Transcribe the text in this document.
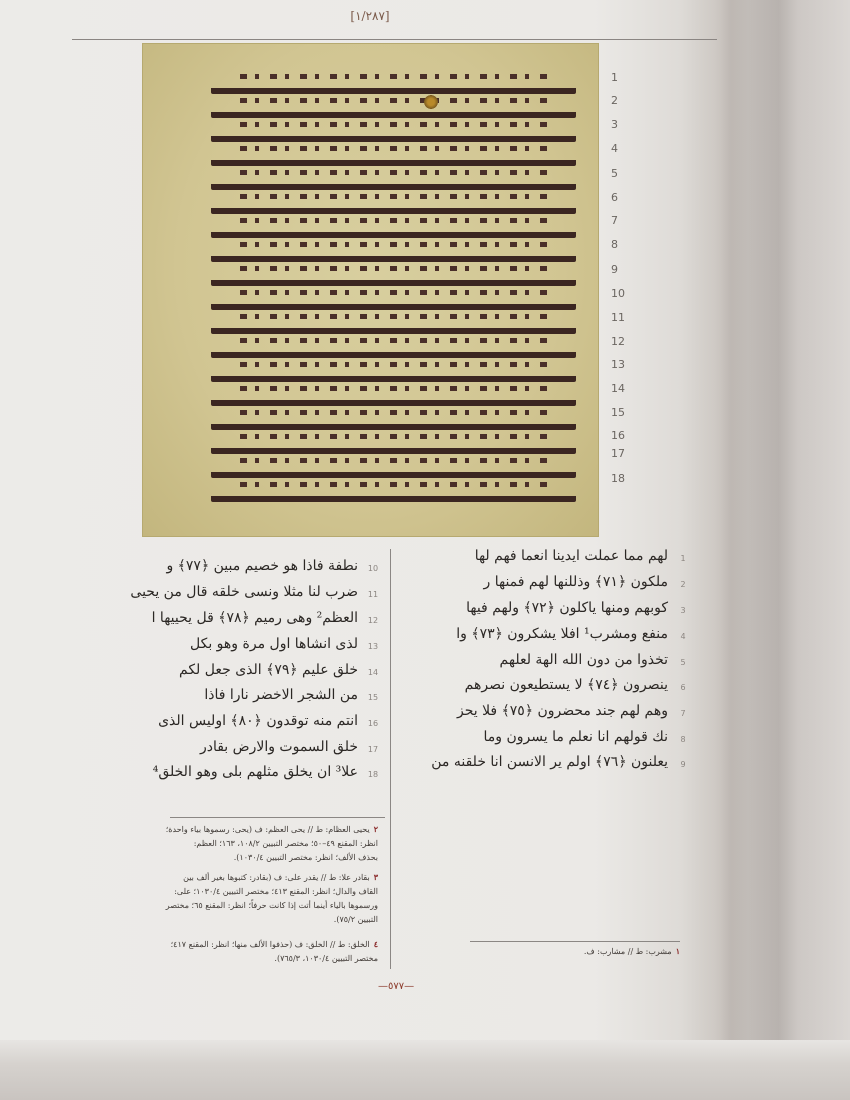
[١/٢٨٧]
1
2
3
4
5
6
7
8
9
10
11
12
13
14
15
16
17
18
1
لهم مما عملت ايدينا انعما فهم لها
2
ملكون ﴿٧١﴾ وذللنها لهم فمنها ر
3
كوبهم ومنها ياكلون ﴿٧٢﴾ ولهم فيها
4
منفع ومشرب¹ افلا يشكرون ﴿٧٣﴾ وا
5
تخذوا من دون الله الهة لعلهم
6
ينصرون ﴿٧٤﴾ لا يستطيعون نصرهم
7
وهم لهم جند محضرون ﴿٧٥﴾ فلا يحز
8
نك قولهم انا نعلم ما يسرون وما
9
يعلنون ﴿٧٦﴾ اولم ير الانسن انا خلقنه من
10
نطفة فاذا هو خصيم مبين ﴿٧٧﴾ و
11
ضرب لنا مثلا ونسى خلقه قال من يحيى
12
العظم² وهى رميم ﴿٧٨﴾ قل يحييها ا
13
لذى انشاها اول مرة وهو بكل
14
خلق عليم ﴿٧٩﴾ الذى جعل لكم
15
من الشجر الاخضر نارا فاذا
16
انتم منه توقدون ﴿٨٠﴾ اوليس الذى
17
خلق السموت والارض بقادر
18
علا³ ان يخلق مثلهم بلى وهو الخلق⁴
٢يحيى العظام: ط // يحى العظم: ف (يحى: رسموها بياء واحدة؛
انظر: المقنع ٤٩–٥٠؛ مختصر التبيين ١٠٨/٢، ١٦٣؛ العظم:
بحذف الألف؛ انظر: مختصر التبيين ١٠٣٠/٤).
٣بقادر علا: ط // يقدر على: ف (بقادر: كتبوها بغير ألف بين
القاف والدال؛ انظر: المقنع ٤١٣؛ مختصر التبيين ١٠٣٠/٤؛ على:
ورسموها بالياء أينما أتت إذا كانت حرفاً؛ انظر: المقنع ٦٥؛ مختصر
التبيين ٧٥/٢).
٤الخلق: ط // الخلق: ف (حذفوا الألف منها؛ انظر: المقنع ٤١٧؛
مختصر التبيين ١٠٣٠/٤، ٧٦٥/٣).
١مشرب: ط // مشارب: ف.
—٥٧٧—
